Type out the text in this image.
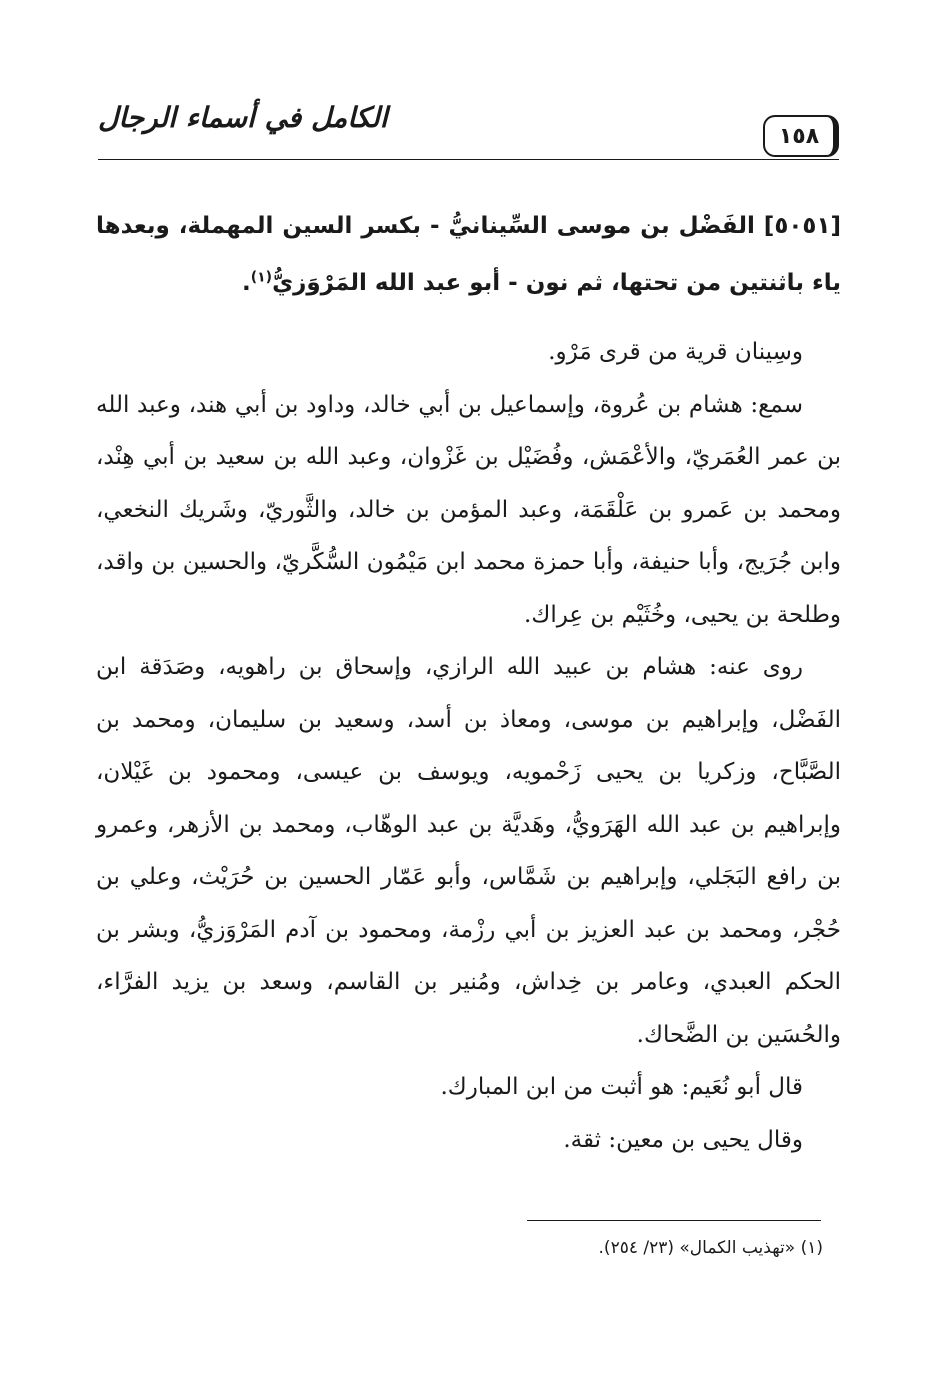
١٥٨
الكامل في أسماء الرجال

[٥٠٥١] الفَضْل بن موسى السِّينانيُّ - بكسر السين المهملة، وبعدها ياء باثنتين من تحتها، ثم نون - أبو عبد الله المَرْوَزيُّ$^{(١)}$.

وسِينان قرية من قرى مَرْو.

سمع: هشام بن عُروة، وإسماعيل بن أبي خالد، وداود بن أبي هند، وعبد الله بن عمر العُمَريّ، والأعْمَش، وفُضَيْل بن غَزْوان، وعبد الله بن سعيد بن أبي هِنْد، ومحمد بن عَمرو بن عَلْقَمَة، وعبد المؤمن بن خالد، والثَّوريّ، وشَريك النخعي، وابن جُرَيج، وأبا حنيفة، وأبا حمزة محمد ابن مَيْمُون السُّكَّريّ، والحسين بن واقد، وطلحة بن يحيى، وخُثَيْم بن عِراك.

روى عنه: هشام بن عبيد الله الرازي، وإسحاق بن راهويه، وصَدَقة ابن الفَضْل، وإبراهيم بن موسى، ومعاذ بن أسد، وسعيد بن سليمان، ومحمد بن الصَّبَّاح، وزكريا بن يحيى زَحْمويه، ويوسف بن عيسى، ومحمود بن غَيْلان، وإبراهيم بن عبد الله الهَرَويُّ، وهَديَّة بن عبد الوهّاب، ومحمد بن الأزهر، وعمرو بن رافع البَجَلي، وإبراهيم بن شَمَّاس، وأبو عَمّار الحسين بن حُرَيْث، وعلي بن حُجْر، ومحمد بن عبد العزيز بن أبي رزْمة، ومحمود بن آدم المَرْوَزيُّ، وبشر بن الحكم العبدي، وعامر بن خِداش، ومُنير بن القاسم، وسعد بن يزيد الفرَّاء، والحُسَين بن الضَّحاك.

قال أبو نُعَيم: هو أثبت من ابن المبارك.

وقال يحيى بن معين: ثقة.

(١) «تهذيب الكمال» (٢٣/ ٢٥٤).
